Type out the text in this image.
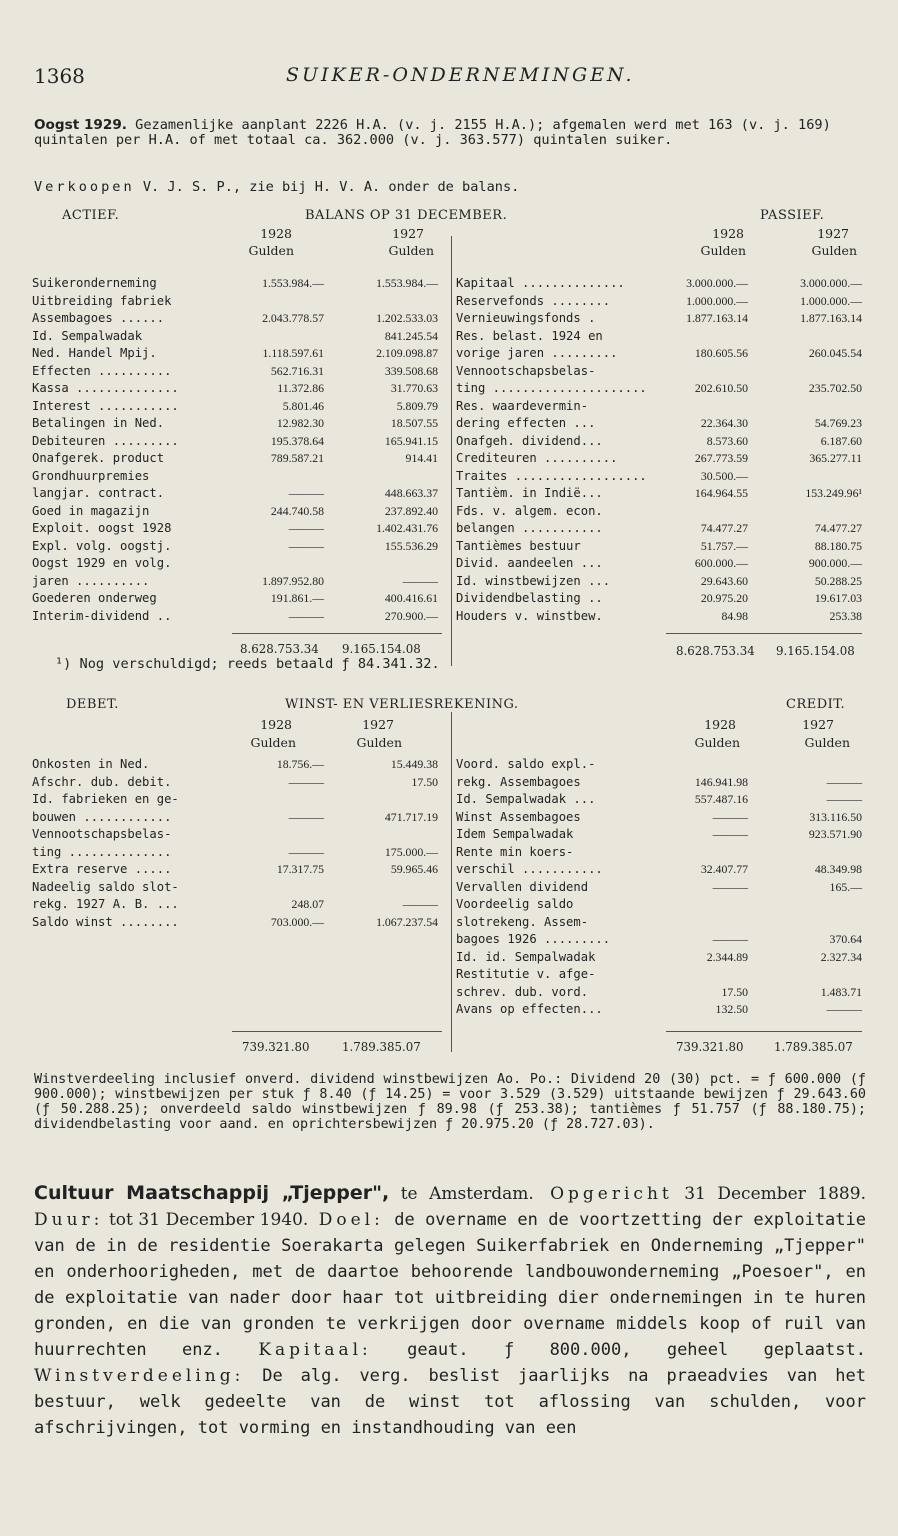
1368	SUIKER-ONDERNEMINGEN.
Oogst 1929. Gezamenlijke aanplant 2226 H.A. (v. j. 2155 H.A.); afgemalen werd met 163 (v. j. 169) quintalen per H.A. of met totaal ca. 362.000 (v. j. 363.577) quintalen suiker.
Verkoopen V. J. S. P., zie bij H. V. A. onder de balans.
ACTIEF.	BALANS OP 31 DECEMBER.	PASSIEF.
1928	1927
Gulden	Gulden
1928	1927
Gulden	Gulden
Suikeronderneming	1.553.984.—	1.553.984.—
Uitbreiding fabriek		
Assembagoes ......	2.043.778.57	1.202.533.03
Id. Sempalwadak		841.245.54
Ned. Handel Mpij.	1.118.597.61	2.109.098.87
Effecten ..........	562.716.31	339.508.68
Kassa ..............	11.372.86	31.770.63
Interest ...........	5.801.46	5.809.79
Betalingen in Ned.	12.982.30	18.507.55
Debiteuren .........	195.378.64	165.941.15
Onafgerek. product	789.587.21	914.41
Grondhuurpremies		
langjar. contract.	———	448.663.37
Goed in magazijn	244.740.58	237.892.40
Exploit. oogst 1928	———	1.402.431.76
Expl. volg. oogstj.	———	155.536.29
Oogst 1929 en volg.		
jaren ..........	1.897.952.80	———
Goederen onderweg	191.861.—	400.416.61
Interim-dividend ..	———	270.900.—
Kapitaal ..............	3.000.000.—	3.000.000.—
Reservefonds ........	1.000.000.—	1.000.000.—
Vernieuwingsfonds .	1.877.163.14	1.877.163.14
Res. belast. 1924 en		
vorige jaren .........	180.605.56	260.045.54
Vennootschapsbelas-		
ting .....................	202.610.50	235.702.50
Res. waardevermin-		
dering effecten ...	22.364.30	54.769.23
Onafgeh. dividend...	8.573.60	6.187.60
Crediteuren ..........	267.773.59	365.277.11
Traites ..................	30.500.—	
Tantièm. in Indië...	164.964.55	153.249.96¹
Fds. v. algem. econ.		
belangen ...........	74.477.27	74.477.27
Tantièmes bestuur	51.757.—	88.180.75
Divid. aandeelen ...	600.000.—	900.000.—
Id. winstbewijzen ...	29.643.60	50.288.25
Dividendbelasting ..	20.975.20	19.617.03
Houders v. winstbew.	84.98	253.38
8.628.753.34 9.165.154.08	8.628.753.34 9.165.154.08
¹) Nog verschuldigd; reeds betaald ƒ 84.341.32.
DEBET.	WINST- EN VERLIESREKENING.	CREDIT.
1928	1927
Gulden	Gulden
1928	1927
Gulden	Gulden
Onkosten in Ned.	18.756.—	15.449.38
Afschr. dub. debit.	———	17.50
Id. fabrieken en ge-		
bouwen ............	———	471.717.19
Vennootschapsbelas-		
ting ..............	———	175.000.—
Extra reserve .....	17.317.75	59.965.46
Nadeelig saldo slot-		
rekg. 1927 A. B. ...	248.07	———
Saldo winst ........	703.000.—	1.067.237.54
Voord. saldo expl.-		
rekg. Assembagoes	146.941.98	———
Id. Sempalwadak ...	557.487.16	———
Winst Assembagoes	———	313.116.50
Idem Sempalwadak	———	923.571.90
Rente min koers-		
verschil ...........	32.407.77	48.349.98
Vervallen dividend	———	165.—
Voordeelig saldo		
slotrekeng. Assem-		
bagoes 1926 .........	———	370.64
Id. id. Sempalwadak	2.344.89	2.327.34
Restitutie v. afge-		
schrev. dub. vord.	17.50	1.483.71
Avans op effecten...	132.50	———
739.321.80	1.789.385.07	739.321.80	1.789.385.07
Winstverdeeling inclusief onverd. dividend winstbewijzen Ao. Po.: Dividend 20 (30) pct. = ƒ 600.000 (ƒ 900.000); winstbewijzen per stuk ƒ 8.40 (ƒ 14.25) = voor 3.529 (3.529) uitstaande bewijzen ƒ 29.643.60 (ƒ 50.288.25); onverdeeld saldo winstbewijzen ƒ 89.98 (ƒ 253.38); tantièmes ƒ 51.757 (ƒ 88.180.75); dividendbelasting voor aand. en oprichtersbewijzen ƒ 20.975.20 (ƒ 28.727.03).
Cultuur Maatschappij „Tjepper", te Amsterdam. Opgericht 31 December 1889. Duur: tot 31 December 1940. Doel: de overname en de voortzetting der exploitatie van de in de residentie Soerakarta gelegen Suikerfabriek en Onderneming „Tjepper" en onderhoorigheden, met de daartoe behoorende landbouwonderneming „Poesoer", en de exploitatie van nader door haar tot uitbreiding dier ondernemingen in te huren gronden, en die van gronden te verkrijgen door overname middels koop of ruil van huurrechten enz. Kapitaal: geaut. ƒ 800.000, geheel geplaatst. Winstverdeeling: De alg. verg. beslist jaarlijks na praeadvies van het bestuur, welk gedeelte van de winst tot aflossing van schulden, voor afschrijvingen, tot vorming en instandhouding van een
